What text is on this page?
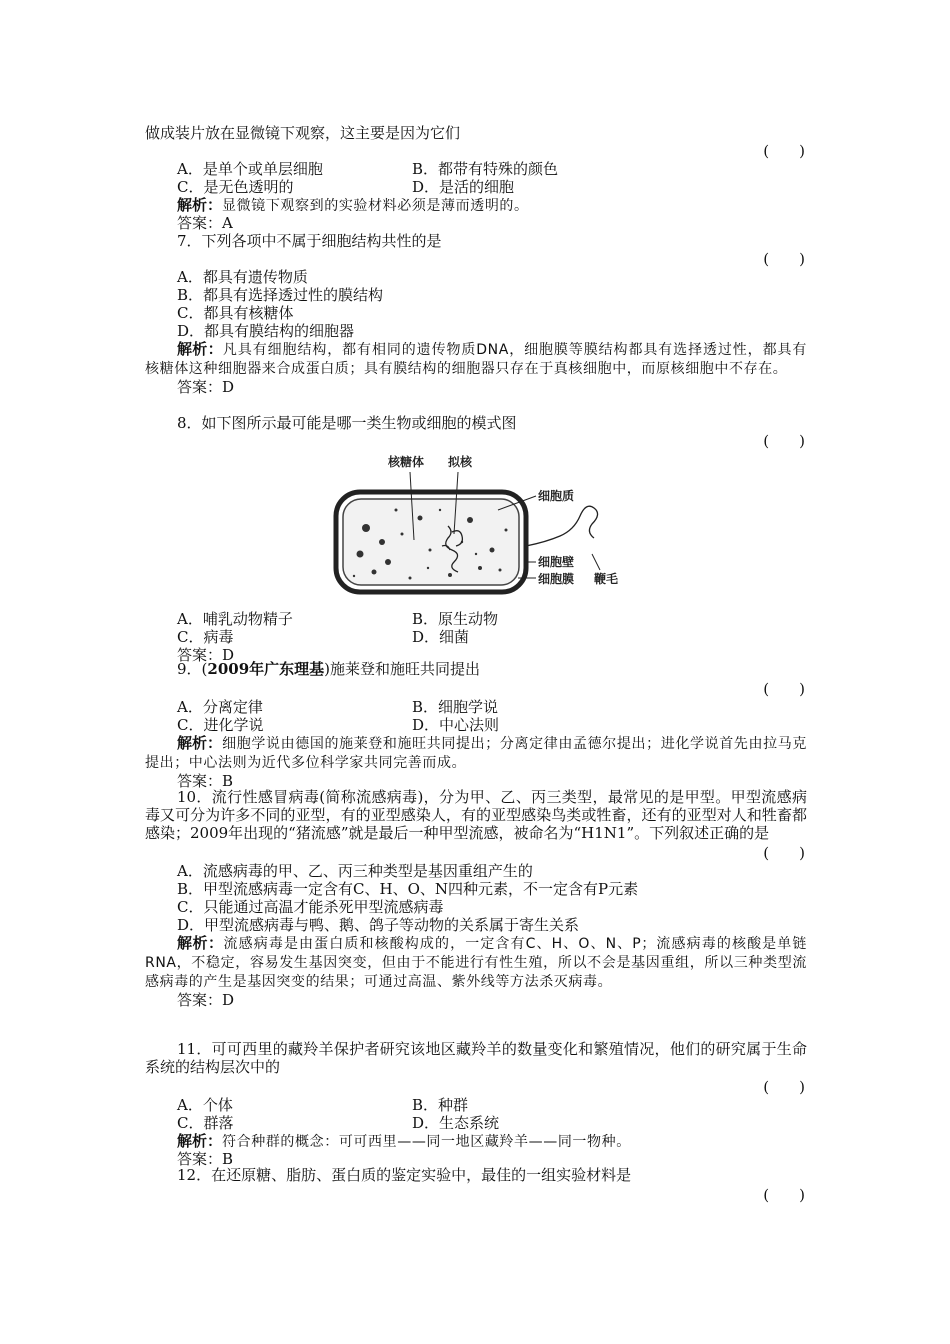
做成装片放在显微镜下观察，这主要是因为它们
(　　)
A．是单个或单层细胞	B．都带有特殊的颜色
C．是无色透明的	D．是活的细胞
解析：显微镜下观察到的实验材料必须是薄而透明的。
答案：A
7．下列各项中不属于细胞结构共性的是
(　　)
A．都具有遗传物质
B．都具有选择透过性的膜结构
C．都具有核糖体
D．都具有膜结构的细胞器
解析：凡具有细胞结构，都有相同的遗传物质DNA，细胞膜等膜结构都具有选择透过性，都具有核糖体这种细胞器来合成蛋白质；具有膜结构的细胞器只存在于真核细胞中，而原核细胞中不存在。
答案：D
8．如下图所示最可能是哪一类生物或细胞的模式图
(　　)
核糖体 拟核
细胞质
细胞壁
细胞膜 鞭毛
A．哺乳动物精子	B．原生动物
C．病毒	D．细菌
答案：D
9．(2009年广东理基)施莱登和施旺共同提出
(　　)
A．分离定律	B．细胞学说
C．进化学说	D．中心法则
解析：细胞学说由德国的施莱登和施旺共同提出；分离定律由孟德尔提出；进化学说首先由拉马克提出；中心法则为近代多位科学家共同完善而成。
答案：B
10．流行性感冒病毒(简称流感病毒)，分为甲、乙、丙三类型，最常见的是甲型。甲型流感病毒又可分为许多不同的亚型，有的亚型感染人，有的亚型感染鸟类或牲畜，还有的亚型对人和牲畜都感染；2009年出现的“猪流感”就是最后一种甲型流感，被命名为“H1N1”。下列叙述正确的是
(　　)
A．流感病毒的甲、乙、丙三种类型是基因重组产生的
B．甲型流感病毒一定含有C、H、O、N四种元素，不一定含有P元素
C．只能通过高温才能杀死甲型流感病毒
D．甲型流感病毒与鸭、鹅、鸽子等动物的关系属于寄生关系
解析：流感病毒是由蛋白质和核酸构成的，一定含有C、H、O、N、P；流感病毒的核酸是单链RNA，不稳定，容易发生基因突变，但由于不能进行有性生殖，所以不会是基因重组，所以三种类型流感病毒的产生是基因突变的结果；可通过高温、紫外线等方法杀灭病毒。
答案：D
11．可可西里的藏羚羊保护者研究该地区藏羚羊的数量变化和繁殖情况，他们的研究属于生命系统的结构层次中的
(　　)
A．个体	B．种群
C．群落	D．生态系统
解析：符合种群的概念：可可西里——同一地区藏羚羊——同一物种。
答案：B
12．在还原糖、脂肪、蛋白质的鉴定实验中，最佳的一组实验材料是
(　　)
